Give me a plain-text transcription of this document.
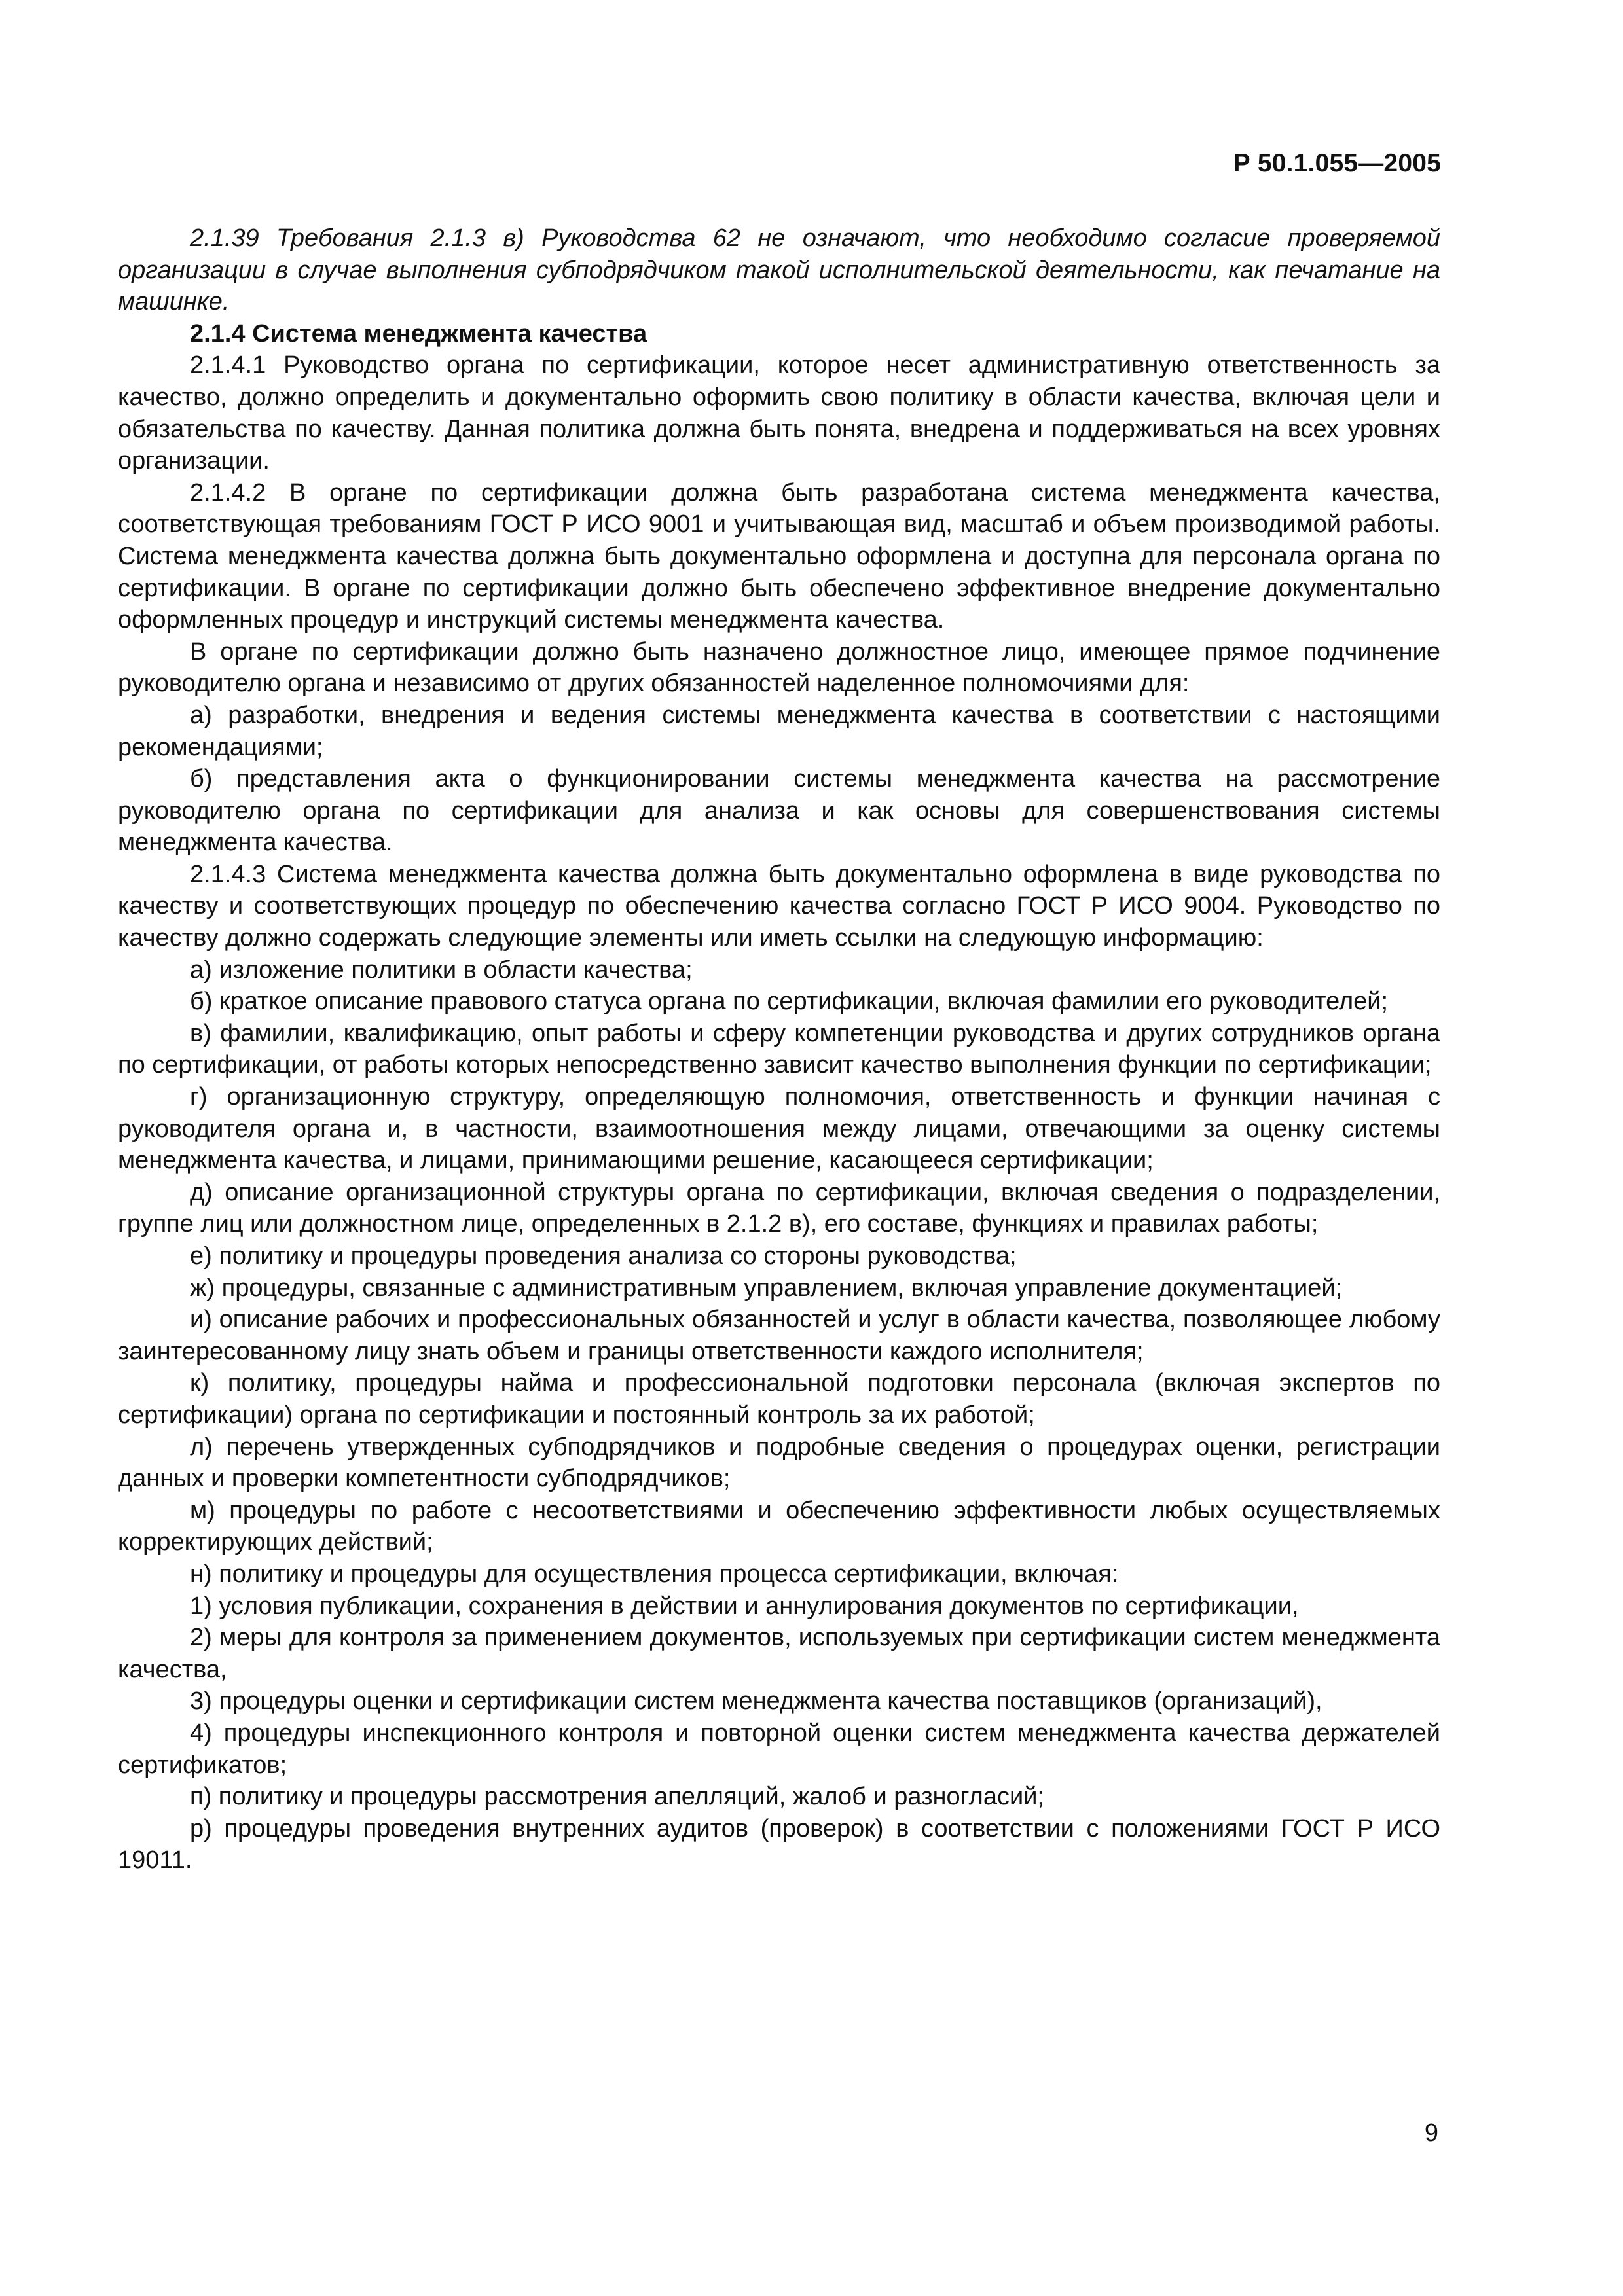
Р 50.1.055—2005

2.1.39 Требования 2.1.3 в) Руководства 62 не означают, что необходимо согласие проверяемой организации в случае выполнения субподрядчиком такой исполнительской деятельности, как печатание на машинке.

2.1.4 Система менеджмента качества

2.1.4.1 Руководство органа по сертификации, которое несет административную ответственность за качество, должно определить и документально оформить свою политику в области качества, включая цели и обязательства по качеству. Данная политика должна быть понята, внедрена и поддерживаться на всех уровнях организации.

2.1.4.2 В органе по сертификации должна быть разработана система менеджмента качества, соответствующая требованиям ГОСТ Р ИСО 9001 и учитывающая вид, масштаб и объем производимой работы. Система менеджмента качества должна быть документально оформлена и доступна для персонала органа по сертификации. В органе по сертификации должно быть обеспечено эффективное внедрение документально оформленных процедур и инструкций системы менеджмента качества.

В органе по сертификации должно быть назначено должностное лицо, имеющее прямое подчинение руководителю органа и независимо от других обязанностей наделенное полномочиями для:

а) разработки, внедрения и ведения системы менеджмента качества в соответствии с настоящими рекомендациями;

б) представления акта о функционировании системы менеджмента качества на рассмотрение руководителю органа по сертификации для анализа и как основы для совершенствования системы менеджмента качества.

2.1.4.3 Система менеджмента качества должна быть документально оформлена в виде руководства по качеству и соответствующих процедур по обеспечению качества согласно ГОСТ Р ИСО 9004. Руководство по качеству должно содержать следующие элементы или иметь ссылки на следующую информацию:

а) изложение политики в области качества;

б) краткое описание правового статуса органа по сертификации, включая фамилии его руководителей;

в) фамилии, квалификацию, опыт работы и сферу компетенции руководства и других сотрудников органа по сертификации, от работы которых непосредственно зависит качество выполнения функции по сертификации;

г) организационную структуру, определяющую полномочия, ответственность и функции начиная с руководителя органа и, в частности, взаимоотношения между лицами, отвечающими за оценку системы менеджмента качества, и лицами, принимающими решение, касающееся сертификации;

д) описание организационной структуры органа по сертификации, включая сведения о подразделении, группе лиц или должностном лице, определенных в 2.1.2 в), его составе, функциях и правилах работы;

е) политику и процедуры проведения анализа со стороны руководства;

ж) процедуры, связанные с административным управлением, включая управление документацией;

и) описание рабочих и профессиональных обязанностей и услуг в области качества, позволяющее любому заинтересованному лицу знать объем и границы ответственности каждого исполнителя;

к) политику, процедуры найма и профессиональной подготовки персонала (включая экспертов по сертификации) органа по сертификации и постоянный контроль за их работой;

л) перечень утвержденных субподрядчиков и подробные сведения о процедурах оценки, регистрации данных и проверки компетентности субподрядчиков;

м) процедуры по работе с несоответствиями и обеспечению эффективности любых осуществляемых корректирующих действий;

н) политику и процедуры для осуществления процесса сертификации, включая:

1) условия публикации, сохранения в действии и аннулирования документов по сертификации,

2) меры для контроля за применением документов, используемых при сертификации систем менеджмента качества,

3) процедуры оценки и сертификации систем менеджмента качества поставщиков (организаций),

4) процедуры инспекционного контроля и повторной оценки систем менеджмента качества держателей сертификатов;

п) политику и процедуры рассмотрения апелляций, жалоб и разногласий;

р) процедуры проведения внутренних аудитов (проверок) в соответствии с положениями ГОСТ Р ИСО 19011.

9
